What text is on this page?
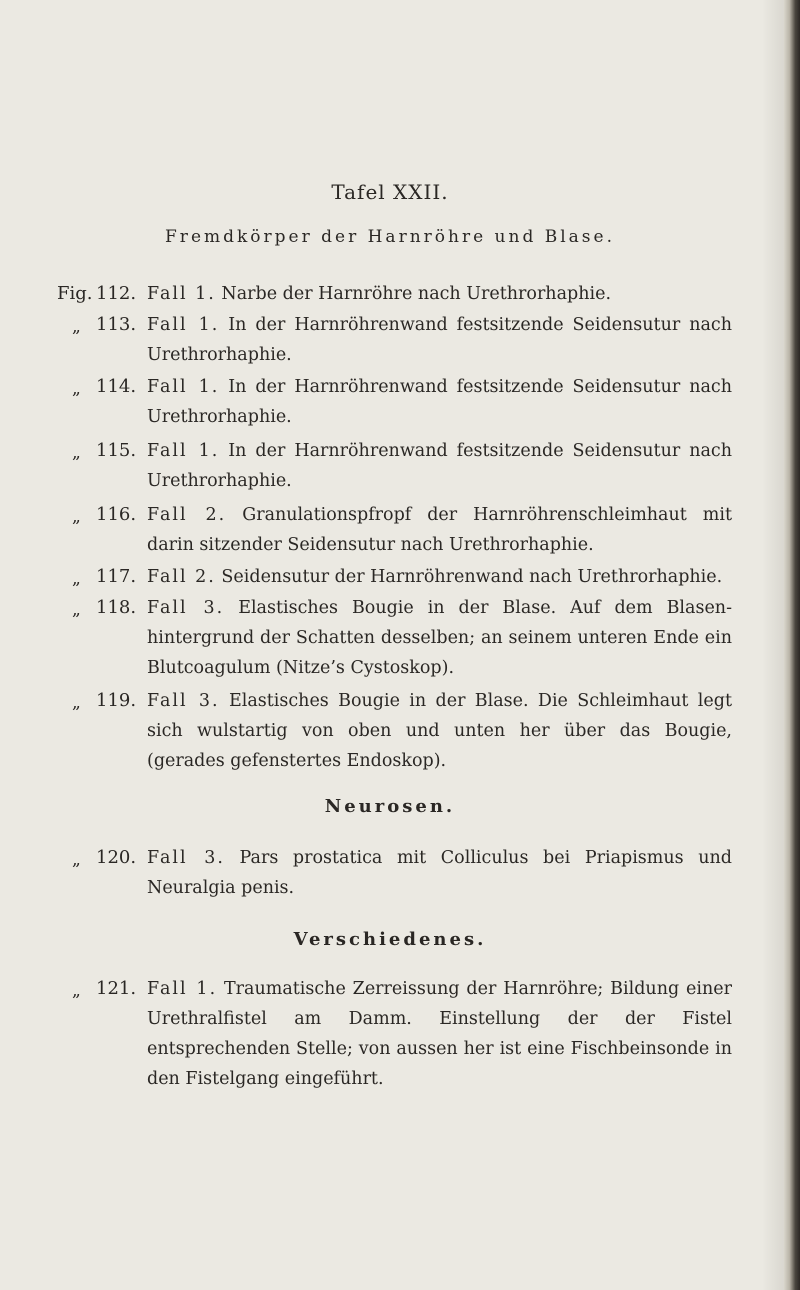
Tafel XXII.
Fremdkörper der Harnröhre und Blase.
Fig. 112. Fall 1. Narbe der Harnröhre nach Urethrorhaphie.
„ 113. Fall 1. In der Harnröhrenwand festsitzende Seidensutur nach Urethrorhaphie.
„ 114. Fall 1. In der Harnröhrenwand festsitzende Seidensutur nach Urethrorhaphie.
„ 115. Fall 1. In der Harnröhrenwand festsitzende Seidensutur nach Urethrorhaphie.
„ 116. Fall 2. Granulationspfropf der Harnröhrenschleimhaut mit darin sitzender Seidensutur nach Urethrorhaphie.
„ 117. Fall 2. Seidensutur der Harnröhrenwand nach Urethrorhaphie.
„ 118. Fall 3. Elastisches Bougie in der Blase. Auf dem Blasen-hintergrund der Schatten desselben; an seinem unteren Ende ein Blutcoagulum (Nitze’s Cystoskop).
„ 119. Fall 3. Elastisches Bougie in der Blase. Die Schleimhaut legt sich wulstartig von oben und unten her über das Bougie, (gerades gefenstertes Endoskop).
Neurosen.
„ 120. Fall 3. Pars prostatica mit Colliculus bei Priapismus und Neuralgia penis.
Verschiedenes.
„ 121. Fall 1. Traumatische Zerreissung der Harnröhre; Bildung einer Urethralfistel am Damm. Einstellung der der Fistel entsprechenden Stelle; von aussen her ist eine Fischbeinsonde in den Fistelgang eingeführt.
